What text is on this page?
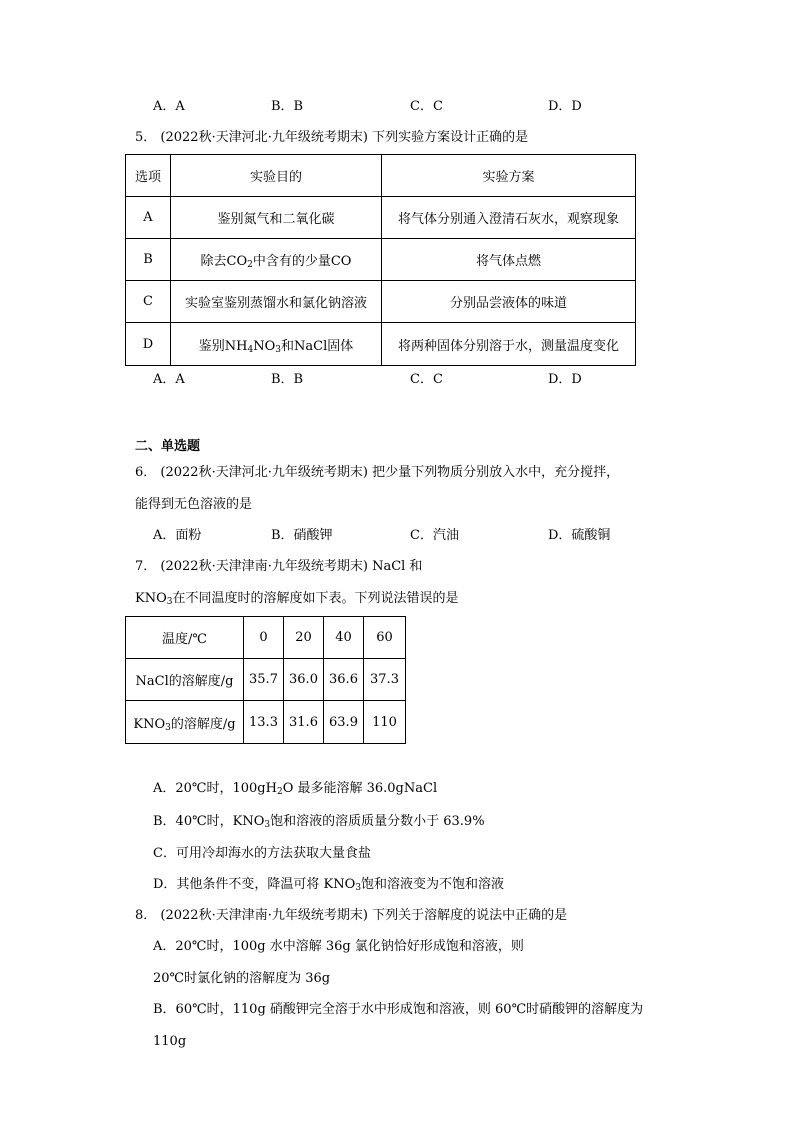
A．A	B．B	C．C	D．D
5． (2022秋·天津河北·九年级统考期末) 下列实验方案设计正确的是
选项	实验目的	实验方案
A	鉴别氮气和二氧化碳	将气体分别通入澄清石灰水，观察现象
B	除去$CO_2$中含有的少量CO	将气体点燃
C	实验室鉴别蒸馏水和氯化钠溶液	分别品尝液体的味道
D	鉴别$NH_4NO_3$和NaCl固体	将两种固体分别溶于水，测量温度变化
A．A	B．B	C．C	D．D
二、单选题
6． (2022秋·天津河北·九年级统考期末) 把少量下列物质分别放入水中，充分搅拌，
能得到无色溶液的是
A．面粉	B．硝酸钾	C．汽油	D．硫酸铜
7． (2022秋·天津津南·九年级统考期末) NaCl 和
$KNO_3$在不同温度时的溶解度如下表。下列说法错误的是
温度/℃	0	20	40	60
NaCl的溶解度/g	35.7	36.0	36.6	37.3
$KNO_3$的溶解度/g	13.3	31.6	63.9	110
A．20℃时，$100gH_2O$ 最多能溶解 36.0gNaCl
B．40℃时，$KNO_3$饱和溶液的溶质质量分数小于 63.9%
C．可用冷却海水的方法获取大量食盐
D．其他条件不变，降温可将 $KNO_3$饱和溶液变为不饱和溶液
8． (2022秋·天津津南·九年级统考期末) 下列关于溶解度的说法中正确的是
A．20℃时，100g 水中溶解 36g 氯化钠恰好形成饱和溶液，则
20℃时氯化钠的溶解度为 36g
B．60℃时，110g 硝酸钾完全溶于水中形成饱和溶液，则 60℃时硝酸钾的溶解度为
110g
